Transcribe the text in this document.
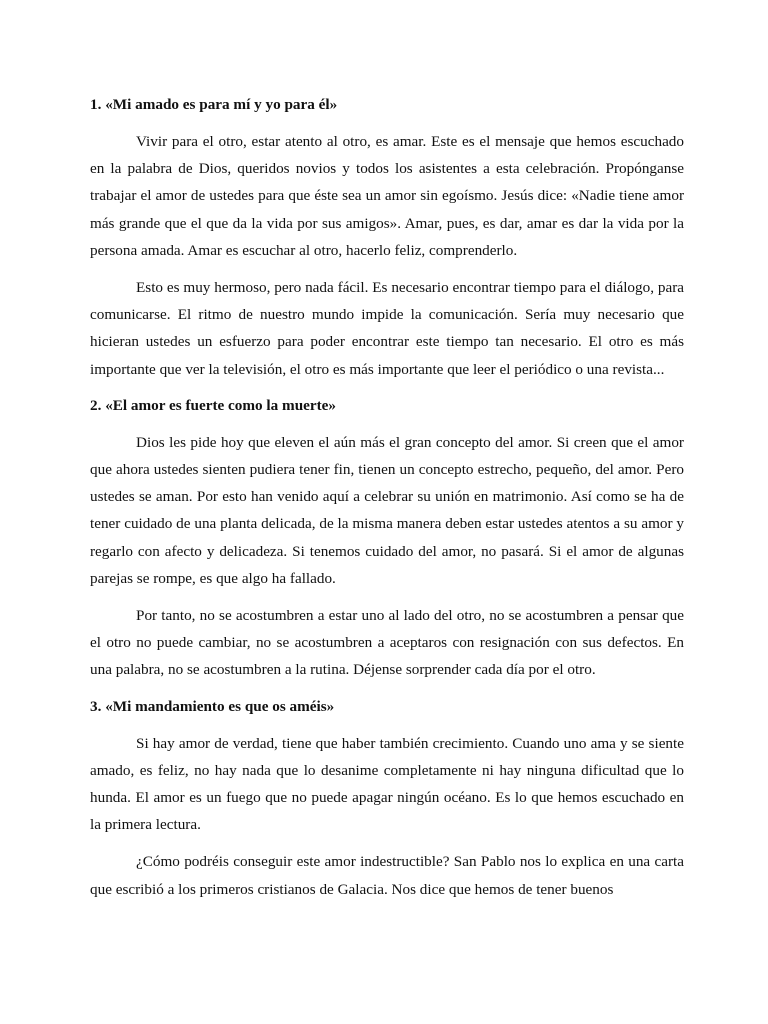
1. «Mi amado es para mí y yo para él»
Vivir para el otro, estar atento al otro, es amar. Este es el mensaje que hemos escuchado en la palabra de Dios, queridos novios y todos los asistentes a esta celebración. Propónganse trabajar el amor de ustedes para que éste sea un amor sin egoísmo. Jesús dice: «Nadie tiene amor más grande que el que da la vida por sus amigos». Amar, pues, es dar, amar es dar la vida por la persona amada. Amar es escuchar al otro, hacerlo feliz, comprenderlo.
Esto es muy hermoso, pero nada fácil. Es necesario encontrar tiempo para el diálogo, para comunicarse. El ritmo de nuestro mundo impide la comunicación. Sería muy necesario que hicieran ustedes un esfuerzo para poder encontrar este tiempo tan necesario. El otro es más importante que ver la televisión, el otro es más importante que leer el periódico o una revista...
2. «El amor es fuerte como la muerte»
Dios les pide hoy que eleven el aún más el gran concepto del amor. Si creen que el amor que ahora ustedes sienten pudiera tener fin, tienen un concepto estrecho, pequeño, del amor. Pero ustedes se aman. Por esto han venido aquí a celebrar su unión en matrimonio. Así como se ha de tener cuidado de una planta delicada, de la misma manera deben estar ustedes atentos a su amor y regarlo con afecto y delicadeza. Si tenemos cuidado del amor, no pasará. Si el amor de algunas parejas se rompe, es que algo ha fallado.
Por tanto, no se acostumbren a estar uno al lado del otro, no se acostumbren a pensar que el otro no puede cambiar, no se acostumbren a aceptaros con resignación con sus defectos. En una palabra, no se acostumbren a la rutina. Déjense sorprender cada día por el otro.
3. «Mi mandamiento es que os améis»
Si hay amor de verdad, tiene que haber también crecimiento. Cuando uno ama y se siente amado, es feliz, no hay nada que lo desanime completamente ni hay ninguna dificultad que lo hunda. El amor es un fuego que no puede apagar ningún océano. Es lo que hemos escuchado en la primera lectura.
¿Cómo podréis conseguir este amor indestructible? San Pablo nos lo explica en una carta que escribió a los primeros cristianos de Galacia. Nos dice que hemos de tener buenos
